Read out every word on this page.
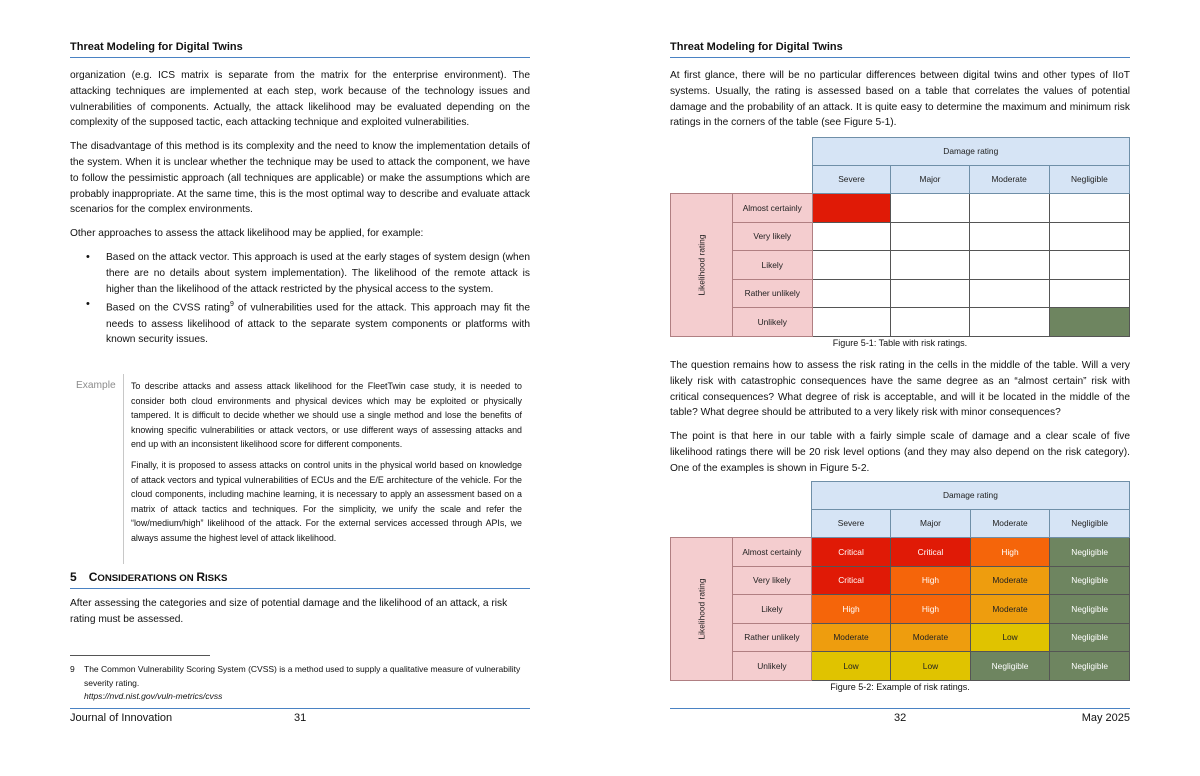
Threat Modeling for Digital Twins

organization (e.g. ICS matrix is separate from the matrix for the enterprise environment). The attacking techniques are implemented at each step, work because of the technology issues and vulnerabilities of components. Actually, the attack likelihood may be evaluated depending on the complexity of the supposed tactic, each attacking technique and exploited vulnerabilities.

The disadvantage of this method is its complexity and the need to know the implementation details of the system. When it is unclear whether the technique may be used to attack the component, we have to follow the pessimistic approach (all techniques are applicable) or make the assumptions which are probably inappropriate. At the same time, this is the most optimal way to describe and evaluate attack scenarios for the complex environments.

Other approaches to assess the attack likelihood may be applied, for example:

• Based on the attack vector. This approach is used at the early stages of system design (when there are no details about system implementation). The likelihood of the remote attack is higher than the likelihood of the attack restricted by the physical access to the system.
• Based on the CVSS rating$^9$ of vulnerabilities used for the attack. This approach may fit the needs to assess likelihood of attack to the separate system components or platforms with known security issues.
Example To describe attacks and assess attack likelihood for the FleetTwin case study, it is needed to consider both cloud environments and physical devices which may be exploited or physically tampered. It is difficult to decide whether we should use a single method and lose the benefits of knowing specific vulnerabilities or attack vectors, or use different ways of assessing attacks and end up with an inconsistent likelihood score for different components.

Finally, it is proposed to assess attacks on control units in the physical world based on knowledge of attack vectors and typical vulnerabilities of ECUs and the E/E architecture of the vehicle. For the cloud components, including machine learning, it is necessary to apply an assessment based on a matrix of attack tactics and techniques. For the simplicity, we unify the scale and refer the “low/medium/high” likelihood of the attack. For the external services accessed through APIs, we always assume the highest level of attack likelihood.

5 CONSIDERATIONS ON RISKS

After assessing the categories and size of potential damage and the likelihood of an attack, a risk rating must be assessed.

9 The Common Vulnerability Scoring System (CVSS) is a method used to supply a qualitative measure of vulnerability severity rating.
https://nvd.nist.gov/vuln-metrics/cvss
Journal of Innovation	31
Threat Modeling for Digital Twins

At first glance, there will be no particular differences between digital twins and other types of IIoT systems. Usually, the rating is assessed based on a table that correlates the values of potential damage and the probability of an attack. It is quite easy to determine the maximum and minimum risk ratings in the corners of the table (see Figure 5-1).

		Damage rating			
		Severe	Major	Moderate	Negligible
Likelihood rating	Almost certainly				
	Very likely				
	Likely				
	Rather unlikely				
	Unlikely				
Figure 5-1: Table with risk ratings.

The question remains how to assess the risk rating in the cells in the middle of the table. Will a very likely risk with catastrophic consequences have the same degree as an “almost certain” risk with critical consequences? What degree of risk is acceptable, and will it be located in the middle of the table? What degree should be attributed to a very likely risk with minor consequences?

The point is that here in our table with a fairly simple scale of damage and a clear scale of five likelihood ratings there will be 20 risk level options (and they may also depend on the risk category). One of the examples is shown in Figure 5-2.

		Damage rating			
		Severe	Major	Moderate	Negligible
Likelihood rating	Almost certainly	Critical	Critical	High	Negligible
	Very likely	Critical	High	Moderate	Negligible
	Likely	High	High	Moderate	Negligible
	Rather unlikely	Moderate	Moderate	Low	Negligible
	Unlikely	Low	Low	Negligible	Negligible
Figure 5-2: Example of risk ratings.
32	May 2025
